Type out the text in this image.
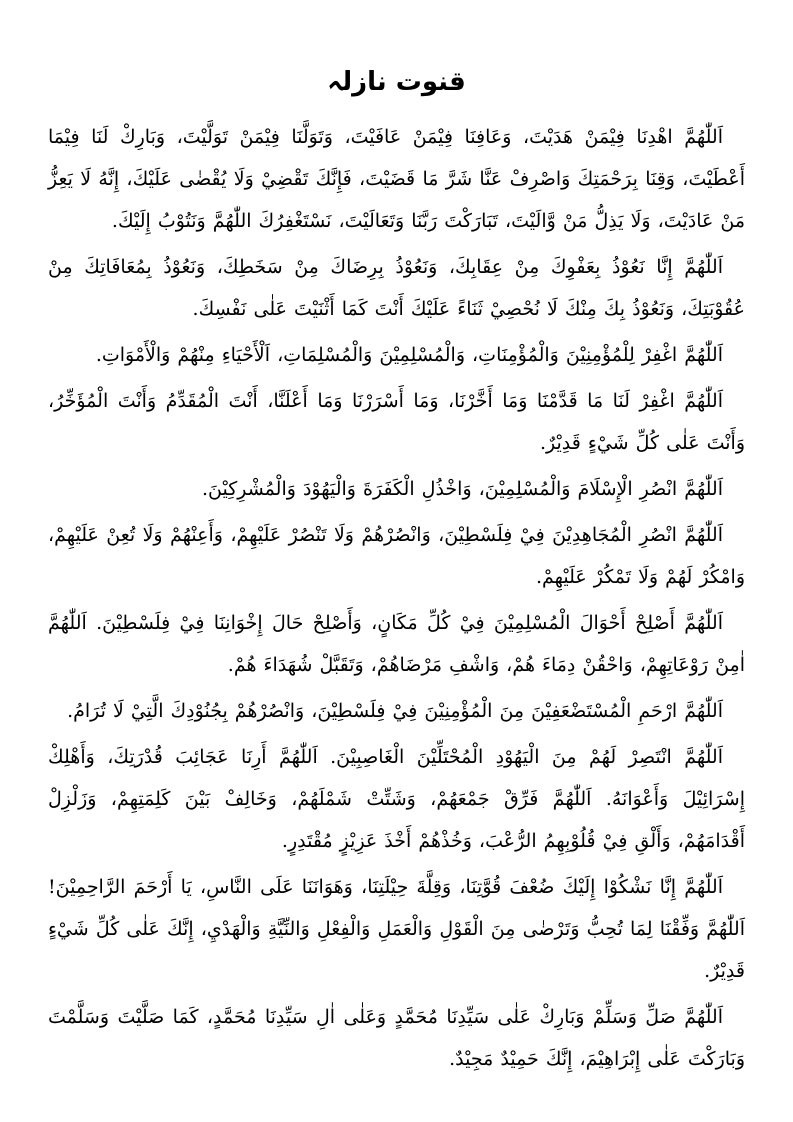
قنوت نازلہ

اَللّٰهُمَّ اهْدِنَا فِيْمَنْ هَدَيْتَ، وَعَافِنَا فِيْمَنْ عَافَيْتَ، وَتَوَلَّنَا فِيْمَنْ تَوَلَّيْتَ، وَبَارِكْ لَنَا فِيْمَا أَعْطَيْتَ، وَقِنَا بِرَحْمَتِكَ وَاصْرِفْ عَنَّا شَرَّ مَا قَضَيْتَ، فَإِنَّكَ تَقْضِيْ وَلَا يُقْضٰى عَلَيْكَ، إِنَّهُ لَا يَعِزُّ مَنْ عَادَيْتَ، وَلَا يَذِلُّ مَنْ وَّالَيْتَ، تَبَارَكْتَ رَبَّنَا وَتَعَالَيْتَ، نَسْتَغْفِرُكَ اللّٰهُمَّ وَنَتُوْبُ إِلَيْكَ.

اَللّٰهُمَّ إِنَّا نَعُوْذُ بِعَفْوِكَ مِنْ عِقَابِكَ، وَنَعُوْذُ بِرِضَاكَ مِنْ سَخَطِكَ، وَنَعُوْذُ بِمُعَافَاتِكَ مِنْ عُقُوْبَتِكَ، وَنَعُوْذُ بِكَ مِنْكَ لَا نُحْصِيْ ثَنَاءً عَلَيْكَ أَنْتَ كَمَا أَثْنَيْتَ عَلٰى نَفْسِكَ.

اَللّٰهُمَّ اغْفِرْ لِلْمُؤْمِنِيْنَ وَالْمُؤْمِنَاتِ، وَالْمُسْلِمِيْنَ وَالْمُسْلِمَاتِ، اَلْأَحْيَاءِ مِنْهُمْ وَالْأَمْوَاتِ.

اَللّٰهُمَّ اغْفِرْ لَنَا مَا قَدَّمْنَا وَمَا أَخَّرْنَا، وَمَا أَسْرَرْنَا وَمَا أَعْلَنَّا، أَنْتَ الْمُقَدِّمُ وَأَنْتَ الْمُؤَخِّرُ، وَأَنْتَ عَلٰى كُلِّ شَيْءٍ قَدِيْرٌ.

اَللّٰهُمَّ انْصُرِ الْإِسْلَامَ وَالْمُسْلِمِيْنَ، وَاخْذُلِ الْكَفَرَةَ وَالْيَهُوْدَ وَالْمُشْرِكِيْنَ.

اَللّٰهُمَّ انْصُرِ الْمُجَاهِدِيْنَ فِيْ فِلَسْطِيْنَ، وَانْصُرْهُمْ وَلَا تَنْصُرْ عَلَيْهِمْ، وَأَعِنْهُمْ وَلَا تُعِنْ عَلَيْهِمْ، وَامْكُرْ لَهُمْ وَلَا تَمْكُرْ عَلَيْهِمْ.

اَللّٰهُمَّ أَصْلِحْ أَحْوَالَ الْمُسْلِمِيْنَ فِيْ كُلِّ مَكَانٍ، وَأَصْلِحْ حَالَ إِخْوَانِنَا فِيْ فِلَسْطِيْنَ. اَللّٰهُمَّ اٰمِنْ رَوْعَاتِهِمْ، وَاحْقُنْ دِمَاءَ هُمْ، وَاشْفِ مَرْضَاهُمْ، وَتَقَبَّلْ شُهَدَاءَ هُمْ.

اَللّٰهُمَّ ارْحَمِ الْمُسْتَضْعَفِيْنَ مِنَ الْمُؤْمِنِيْنَ فِيْ فِلَسْطِيْنَ، وَانْصُرْهُمْ بِجُنُوْدِكَ الَّتِيْ لَا تُرَامُ.

اَللّٰهُمَّ انْتَصِرْ لَهُمْ مِنَ الْيَهُوْدِ الْمُحْتَلِّيْنَ الْغَاصِبِيْنَ. اَللّٰهُمَّ أَرِنَا عَجَائِبَ قُدْرَتِكَ، وَأَهْلِكْ إِسْرَائِيْلَ وَأَعْوَانَهُ. اَللّٰهُمَّ فَرِّقْ جَمْعَهُمْ، وَشَتِّتْ شَمْلَهُمْ، وَخَالِفْ بَيْنَ كَلِمَتِهِمْ، وَزَلْزِلْ أَقْدَامَهُمْ، وَأَلْقِ فِيْ قُلُوْبِهِمُ الرُّعْبَ، وَخُذْهُمْ أَخْذَ عَزِيْزٍ مُقْتَدِرٍ.

اَللّٰهُمَّ إِنَّا نَشْكُوْا إِلَيْكَ ضُعْفَ قُوَّتِنَا، وَقِلَّةَ حِيْلَتِنَا، وَهَوَانَنَا عَلَى النَّاسِ، يَا أَرْحَمَ الرَّاحِمِيْنَ! اَللّٰهُمَّ وَفِّقْنَا لِمَا تُحِبُّ وَتَرْضٰى مِنَ الْقَوْلِ وَالْعَمَلِ وَالْفِعْلِ وَالنِّيَّةِ وَالْهَدْيِ، إِنَّكَ عَلٰى كُلِّ شَيْءٍ قَدِيْرٌ.

اَللّٰهُمَّ صَلِّ وَسَلِّمْ وَبَارِكْ عَلٰى سَيِّدِنَا مُحَمَّدٍ وَعَلٰى اٰلِ سَيِّدِنَا مُحَمَّدٍ، كَمَا صَلَّيْتَ وَسَلَّمْتَ وَبَارَكْتَ عَلٰى إِبْرَاهِيْمَ، إِنَّكَ حَمِيْدٌ مَجِيْدٌ.
